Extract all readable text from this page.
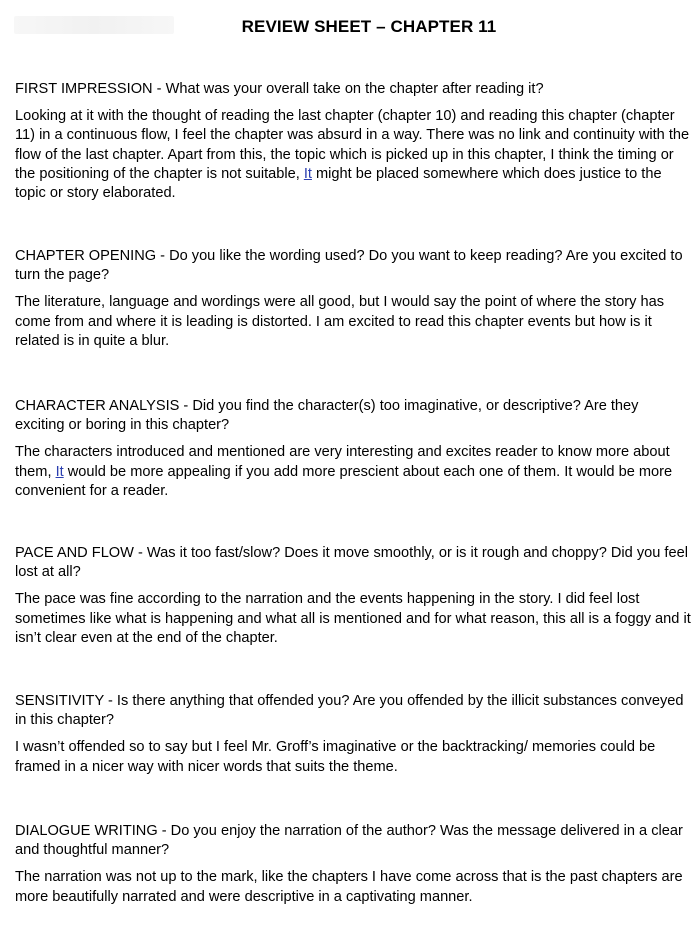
REVIEW SHEET – CHAPTER 11

FIRST IMPRESSION - What was your overall take on the chapter after reading it?

Looking at it with the thought of reading the last chapter (chapter 10) and reading this chapter (chapter 11) in a continuous flow, I feel the chapter was absurd in a way. There was no link and continuity with the flow of the last chapter. Apart from this, the topic which is picked up in this chapter, I think the timing or the positioning of the chapter is not suitable, It might be placed somewhere which does justice to the topic or story elaborated.

CHAPTER OPENING - Do you like the wording used? Do you want to keep reading? Are you excited to turn the page?

The literature, language and wordings were all good, but I would say the point of where the story has come from and where it is leading is distorted. I am excited to read this chapter events but how is it related is in quite a blur.

CHARACTER ANALYSIS - Did you find the character(s) too imaginative, or descriptive? Are they exciting or boring in this chapter?

The characters introduced and mentioned are very interesting and excites reader to know more about them, It would be more appealing if you add more prescient about each one of them. It would be more convenient for a reader.

PACE AND FLOW - Was it too fast/slow? Does it move smoothly, or is it rough and choppy? Did you feel lost at all?

The pace was fine according to the narration and the events happening in the story. I did feel lost sometimes like what is happening and what all is mentioned and for what reason, this all is a foggy and it isn’t clear even at the end of the chapter.

SENSITIVITY - Is there anything that offended you? Are you offended by the illicit substances conveyed in this chapter?

I wasn’t offended so to say but I feel Mr. Groff’s imaginative or the backtracking/ memories could be framed in a nicer way with nicer words that suits the theme.

DIALOGUE WRITING - Do you enjoy the narration of the author? Was the message delivered in a clear and thoughtful manner?

The narration was not up to the mark, like the chapters I have come across that is the past chapters are more beautifully narrated and were descriptive in a captivating manner.
